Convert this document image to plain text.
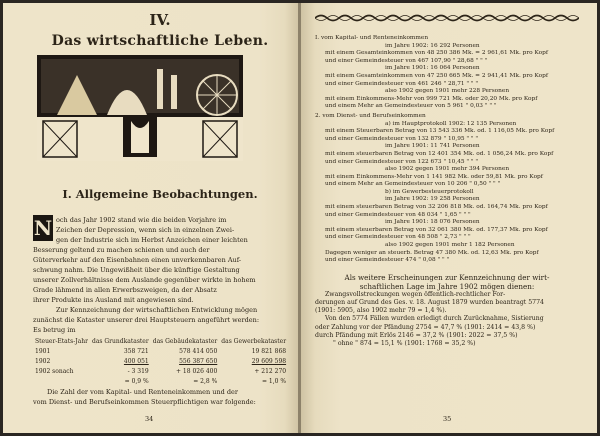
IV.
Das wirtschaftliche Leben.
I. Allgemeine Beobachtungen.
N och das Jahr 1902 stand wie die beiden Vorjahre im
Zeichen der Depression, wenn sich in einzelnen Zwei-
gen der Industrie sich im Herbst Anzeichen einer leichten
Besserung geltend zu machen schienen und auch der
Güterverkehr auf den Eisenbahnen einen unverkennbaren Auf-
schwung nahm. Die Ungewißheit über die künftige Gestaltung
unserer Zollverhältnisse dem Auslande gegenüber wirkte in hohem
Grade lähmend in allen Erwerbszweigen, da der Absatz
ihrer Produkte ins Ausland mit angewiesen sind.
Zur Kennzeichnung der wirtschaftlichen Entwicklung mögen
zunächst die Kataster unserer drei Hauptsteuern angeführt werden:
Es betrug im
Steuer-Etats-Jahr	das Grundkataster	das Gebäudekataster	das Gewerbekataster
1901	358 721	578 414 050	19 821 868
1902	400 051	556 387 650	29 609 598
1902 sonach	- 3 319	+ 18 026 400	+ 212 270
	= 0,9 %	= 2,8 %	= 1,0 %
Die Zahl der vom Kapital- und Renteneinkommen und der
vom Dienst- und Berufseinkommen Steuerpflichtigen war folgende:
34
I. vom Kapital- und Renteneinkommen
im Jahre 1902: 16 292 Personen
mit einem Gesamteinkommen von 48 250 386 Mk. = 2 961,61 Mk. pro Kopf
und einer Gemeindesteuer von 467 107,90 " 28,68 " " "
im Jahre 1901: 16 064 Personen
mit einem Gesamteinkommen von 47 250 665 Mk. = 2 941,41 Mk. pro Kopf
und einer Gemeindesteuer von 461 246 " 28,71 " " "
also 1902 gegen 1901 mehr 228 Personen
mit einem Einkommens-Mehr von 999 721 Mk. oder 20,20 Mk. pro Kopf
und einem Mehr an Gemeindesteuer von 5 961 " 0,03 " " "
2. vom Dienst- und Berufseinkommen
a) im Hauptprotokoll 1902: 12 135 Personen
mit einem Steuerbaren Betrag von 13 543 336 Mk. od. 1 116,05 Mk. pro Kopf
und einer Gemeindesteuer von 132 879 " 10,95 " " "
im Jahre 1901: 11 741 Personen
mit einem steuerbaren Betrag von 12 401 354 Mk. od. 1 056,24 Mk. pro Kopf
und einer Gemeindesteuer von 122 673 " 10,45 " " "
also 1902 gegen 1901 mehr 394 Personen
mit einem Einkommens-Mehr von 1 141 982 Mk. oder 59,81 Mk. pro Kopf
und einem Mehr an Gemeindesteuer von 10 206 " 0,50 " " "
b) im Gewerbesteuerprotokoll
im Jahre 1902: 19 258 Personen
mit einem steuerbaren Betrag von 32 206 818 Mk. od. 164,74 Mk. pro Kopf
und einer Gemeindesteuer von 48 034 " 1,65 " " "
im Jahre 1901: 18 076 Personen
mit einem steuerbaren Betrag von 32 061 380 Mk. od. 177,37 Mk. pro Kopf
und einer Gemeindesteuer von 48 508 " 2,73 " " "
also 1902 gegen 1901 mehr 1 182 Personen
Dagegen weniger an steuerb. Betrag 47 380 Mk. od. 12,63 Mk. pro Kopf
und einer Gemeindesteuer 474 " 0,08 " " "
Als weitere Erscheinungen zur Kennzeichnung der wirt-
schaftlichen Lage im Jahre 1902 mögen dienen:
Zwangsvollstreckungen wegen öffentlich-rechtlicher For-
derungen auf Grund des Ges. v. 18. August 1879 wurden beantragt 5774
(1901: 5905, also 1902 mehr 79 = 1,4 %).
Von den 5774 Fällen wurden erledigt durch Zurücknahme, Sistierung
oder Zahlung vor der Pfändung 2754 = 47,7 % (1901: 2414 = 43,8 %)
durch Pfändung mit Erlös 2146 = 37,2 % (1901: 2022 = 37,5 %)
" ohne " 874 = 15,1 % (1901: 1768 = 35,2 %)
35
